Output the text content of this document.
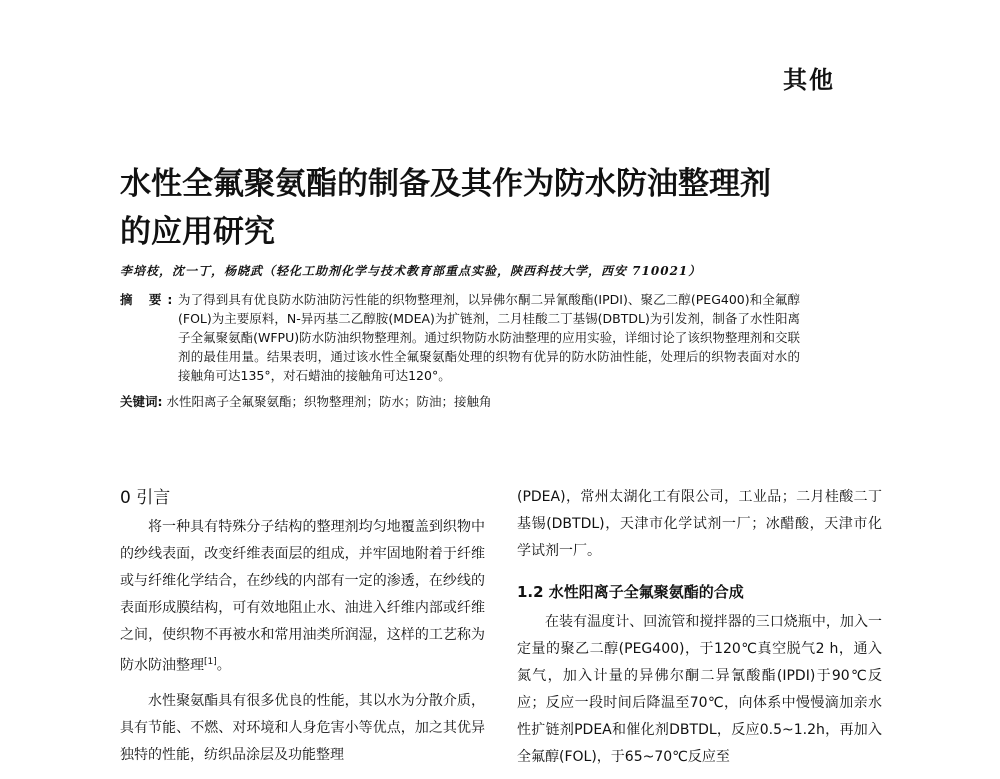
其他
水性全氟聚氨酯的制备及其作为防水防油整理剂
的应用研究
李培枝，沈一丁，杨晓武（轻化工助剂化学与技术教育部重点实验，陕西科技大学，西安 710021）
摘 要: 为了得到具有优良防水防油防污性能的织物整理剂，以异佛尔酮二异氰酸酯(IPDI)、聚乙二醇(PEG400)和全氟醇(FOL)为主要原料，N-异丙基二乙醇胺(MDEA)为扩链剂，二月桂酸二丁基锡(DBTDL)为引发剂，制备了水性阳离子全氟聚氨酯(WFPU)防水防油织物整理剂。通过织物防水防油整理的应用实验，详细讨论了该织物整理剂和交联剂的最佳用量。结果表明，通过该水性全氟聚氨酯处理的织物有优异的防水防油性能，处理后的织物表面对水的接触角可达135°，对石蜡油的接触角可达120°。
关键词: 水性阳离子全氟聚氨酯；织物整理剂；防水；防油；接触角
0 引言

将一种具有特殊分子结构的整理剂均匀地覆盖到织物中的纱线表面，改变纤维表面层的组成，并牢固地附着于纤维或与纤维化学结合，在纱线的内部有一定的渗透，在纱线的表面形成膜结构，可有效地阻止水、油进入纤维内部或纤维之间，使织物不再被水和常用油类所润湿，这样的工艺称为防水防油整理[1]。

水性聚氨酯具有很多优良的性能，其以水为分散介质，具有节能、不燃、对环境和人身危害小等优点，加之其优异独特的性能，纺织品涂层及功能整理

(PDEA)，常州太湖化工有限公司，工业品；二月桂酸二丁基锡(DBTDL)，天津市化学试剂一厂；冰醋酸，天津市化学试剂一厂。

1.2 水性阳离子全氟聚氨酯的合成

在装有温度计、回流管和搅拌器的三口烧瓶中，加入一定量的聚乙二醇(PEG400)，于120℃真空脱气2 h，通入氮气，加入计量的异佛尔酮二异氰酸酯(IPDI)于90℃反应；反应一段时间后降温至70℃，向体系中慢慢滴加亲水性扩链剂PDEA和催化剂DBTDL，反应0.5~1.2h，再加入全氟醇(FOL)，于65~70℃反应至
